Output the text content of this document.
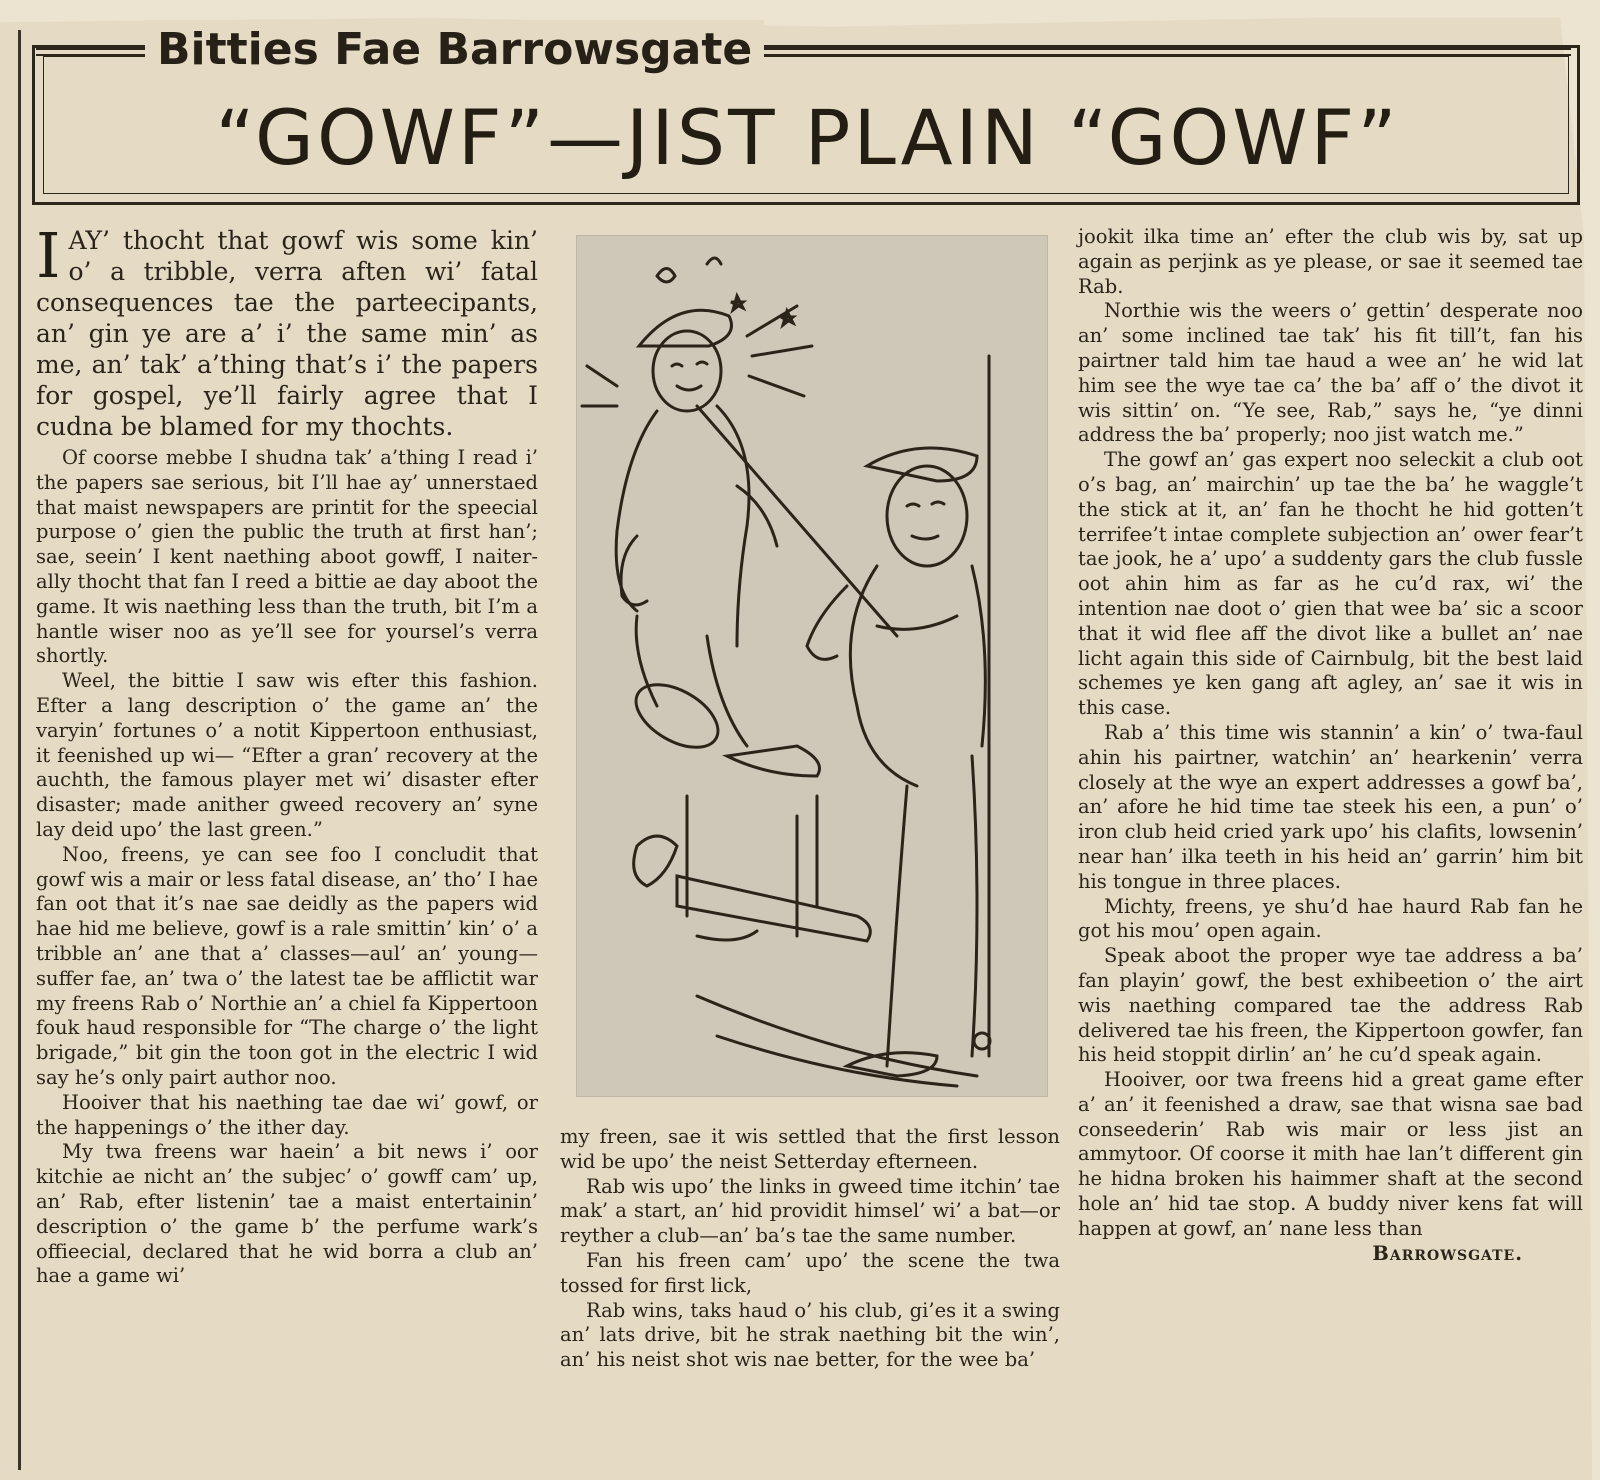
Bitties Fae Barrowsgate
“GOWF”—JIST PLAIN “GOWF”

IAY’ thocht that gowf wis some kin’ o’ a tribble, verra aften wi’ fatal consequences tae the parteecipants, an’ gin ye are a’ i’ the same min’ as me, an’ tak’ a’thing that’s i’ the papers for gospel, ye’ll fairly agree that I cudna be blamed for my thochts.

Of coorse mebbe I shudna tak’ a’thing I read i’ the papers sae serious, bit I’ll hae ay’ unnerstaed that maist newspapers are printit for the speecial purpose o’ gien the public the truth at first han’; sae, seein’ I kent naething aboot gowff, I naiterally thocht that fan I reed a bittie ae day aboot the game. It wis naething less than the truth, bit I’m a hantle wiser noo as ye’ll see for yoursel’s verra shortly.

Weel, the bittie I saw wis efter this fashion. Efter a lang description o’ the game an’ the varyin’ fortunes o’ a notit Kippertoon enthusiast, it feenished up wi— “Efter a gran’ recovery at the auchth, the famous player met wi’ disaster efter disaster; made anither gweed recovery an’ syne lay deid upo’ the last green.”

Noo, freens, ye can see foo I concludit that gowf wis a mair or less fatal disease, an’ tho’ I hae fan oot that it’s nae sae deidly as the papers wid hae hid me believe, gowf is a rale smittin’ kin’ o’ a tribble an’ ane that a’ classes—aul’ an’ young—suffer fae, an’ twa o’ the latest tae be afflictit war my freens Rab o’ Northie an’ a chiel fa Kippertoon fouk haud responsible for “The charge o’ the light brigade,” bit gin the toon got in the electric I wid say he’s only pairt author noo.

Hooiver that his naething tae dae wi’ gowf, or the happenings o’ the ither day.

My twa freens war haein’ a bit news i’ oor kitchie ae nicht an’ the subjec’ o’ gowff cam’ up, an’ Rab, efter listenin’ tae a maist entertainin’ description o’ the game b’ the perfume wark’s offieecial, declared that he wid borra a club an’ hae a game wi’

my freen, sae it wis settled that the first lesson wid be upo’ the neist Setterday efterneen.

Rab wis upo’ the links in gweed time itchin’ tae mak’ a start, an’ hid providit himsel’ wi’ a bat—or reyther a club—an’ ba’s tae the same number.

Fan his freen cam’ upo’ the scene the twa tossed for first lick,

Rab wins, taks haud o’ his club, gi’es it a swing an’ lats drive, bit he strak naething bit the win’, an’ his neist shot wis nae better, for the wee ba’

jookit ilka time an’ efter the club wis by, sat up again as perjink as ye please, or sae it seemed tae Rab.

Northie wis the weers o’ gettin’ desperate noo an’ some inclined tae tak’ his fit till’t, fan his pairtner tald him tae haud a wee an’ he wid lat him see the wye tae ca’ the ba’ aff o’ the divot it wis sittin’ on. “Ye see, Rab,” says he, “ye dinni address the ba’ properly; noo jist watch me.”

The gowf an’ gas expert noo seleckit a club oot o’s bag, an’ mairchin’ up tae the ba’ he waggle’t the stick at it, an’ fan he thocht he hid gotten’t terrifee’t intae complete subjection an’ ower fear’t tae jook, he a’ upo’ a suddenty gars the club fussle oot ahin him as far as he cu’d rax, wi’ the intention nae doot o’ gien that wee ba’ sic a scoor that it wid flee aff the divot like a bullet an’ nae licht again this side of Cairnbulg, bit the best laid schemes ye ken gang aft agley, an’ sae it wis in this case.

Rab a’ this time wis stannin’ a kin’ o’ twa-faul ahin his pairtner, watchin’ an’ hearkenin’ verra closely at the wye an expert addresses a gowf ba’, an’ afore he hid time tae steek his een, a pun’ o’ iron club heid cried yark upo’ his clafits, lowsenin’ near han’ ilka teeth in his heid an’ garrin’ him bit his tongue in three places.

Michty, freens, ye shu’d hae haurd Rab fan he got his mou’ open again.

Speak aboot the proper wye tae address a ba’ fan playin’ gowf, the best exhibeetion o’ the airt wis naething compared tae the address Rab delivered tae his freen, the Kippertoon gowfer, fan his heid stoppit dirlin’ an’ he cu’d speak again.

Hooiver, oor twa freens hid a great game efter a’ an’ it feenished a draw, sae that wisna sae bad conseederin’ Rab wis mair or less jist an ammytoor. Of coorse it mith hae lan’t different gin he hidna broken his haimmer shaft at the second hole an’ hid tae stop. A buddy niver kens fat will happen at gowf, an’ nane less than

Barrowsgate.
